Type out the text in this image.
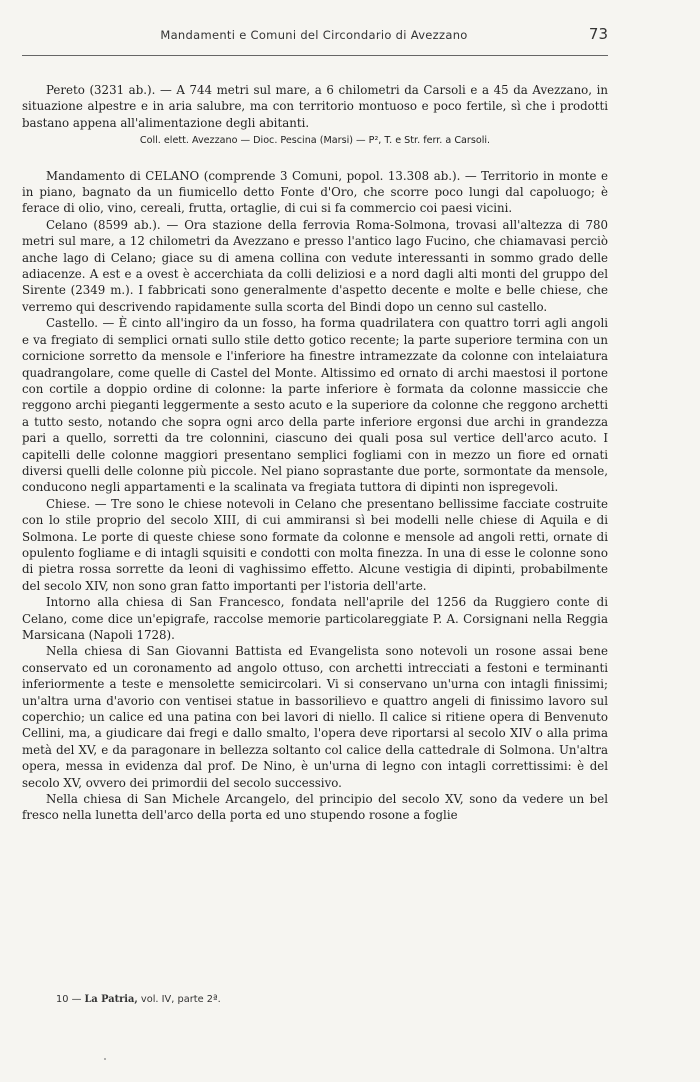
Mandamenti e Comuni del Circondario di Avezzano	73

Pereto (3231 ab.). — A 744 metri sul mare, a 6 chilometri da Carsoli e a 45 da Avezzano, in situazione alpestre e in aria salubre, ma con territorio montuoso e poco fertile, sì che i prodotti bastano appena all'alimentazione degli abitanti.

Coll. elett. Avezzano — Dioc. Pescina (Marsi) — P², T. e Str. ferr. a Carsoli.

Mandamento di CELANO (comprende 3 Comuni, popol. 13.308 ab.). — Territorio in monte e in piano, bagnato da un fiumicello detto Fonte d'Oro, che scorre poco lungi dal capoluogo; è ferace di olio, vino, cereali, frutta, ortaglie, di cui si fa commercio coi paesi vicini.

Celano (8599 ab.). — Ora stazione della ferrovia Roma-Solmona, trovasi all'altezza di 780 metri sul mare, a 12 chilometri da Avezzano e presso l'antico lago Fucino, che chiamavasi perciò anche lago di Celano; giace su di amena collina con vedute interessanti in sommo grado delle adiacenze. A est e a ovest è accerchiata da colli deliziosi e a nord dagli alti monti del gruppo del Sirente (2349 m.). I fabbricati sono generalmente d'aspetto decente e molte e belle chiese, che verremo qui descrivendo rapidamente sulla scorta del Bindi dopo un cenno sul castello.

Castello. — È cinto all'ingiro da un fosso, ha forma quadrilatera con quattro torri agli angoli e va fregiato di semplici ornati sullo stile detto gotico recente; la parte superiore termina con un cornicione sorretto da mensole e l'inferiore ha finestre intramezzate da colonne con intelaiatura quadrangolare, come quelle di Castel del Monte. Altissimo ed ornato di archi maestosi il portone con cortile a doppio ordine di colonne: la parte inferiore è formata da colonne massiccie che reggono archi pieganti leggermente a sesto acuto e la superiore da colonne che reggono archetti a tutto sesto, notando che sopra ogni arco della parte inferiore ergonsi due archi in grandezza pari a quello, sorretti da tre colonnini, ciascuno dei quali posa sul vertice dell'arco acuto. I capitelli delle colonne maggiori presentano semplici fogliami con in mezzo un fiore ed ornati diversi quelli delle colonne più piccole. Nel piano soprastante due porte, sormontate da mensole, conducono negli appartamenti e la scalinata va fregiata tuttora di dipinti non ispregevoli.

Chiese. — Tre sono le chiese notevoli in Celano che presentano bellissime facciate costruite con lo stile proprio del secolo XIII, di cui ammiransi sì bei modelli nelle chiese di Aquila e di Solmona. Le porte di queste chiese sono formate da colonne e mensole ad angoli retti, ornate di opulento fogliame e di intagli squisiti e condotti con molta finezza. In una di esse le colonne sono di pietra rossa sorrette da leoni di vaghissimo effetto. Alcune vestigia di dipinti, probabilmente del secolo XIV, non sono gran fatto importanti per l'istoria dell'arte.

Intorno alla chiesa di San Francesco, fondata nell'aprile del 1256 da Ruggiero conte di Celano, come dice un'epigrafe, raccolse memorie particolareggiate P. A. Corsignani nella Reggia Marsicana (Napoli 1728).

Nella chiesa di San Giovanni Battista ed Evangelista sono notevoli un rosone assai bene conservato ed un coronamento ad angolo ottuso, con archetti intrecciati a festoni e terminanti inferiormente a teste e mensolette semicircolari. Vi si conservano un'urna con intagli finissimi; un'altra urna d'avorio con ventisei statue in bassorilievo e quattro angeli di finissimo lavoro sul coperchio; un calice ed una patina con bei lavori di niello. Il calice si ritiene opera di Benvenuto Cellini, ma, a giudicare dai fregi e dallo smalto, l'opera deve riportarsi al secolo XIV o alla prima metà del XV, e da paragonare in bellezza soltanto col calice della cattedrale di Solmona. Un'altra opera, messa in evidenza dal prof. De Nino, è un'urna di legno con intagli correttissimi: è del secolo XV, ovvero dei primordii del secolo successivo.

Nella chiesa di San Michele Arcangelo, del principio del secolo XV, sono da vedere un bel fresco nella lunetta dell'arco della porta ed uno stupendo rosone a foglie

10 — La Patria, vol. IV, parte 2ª.
